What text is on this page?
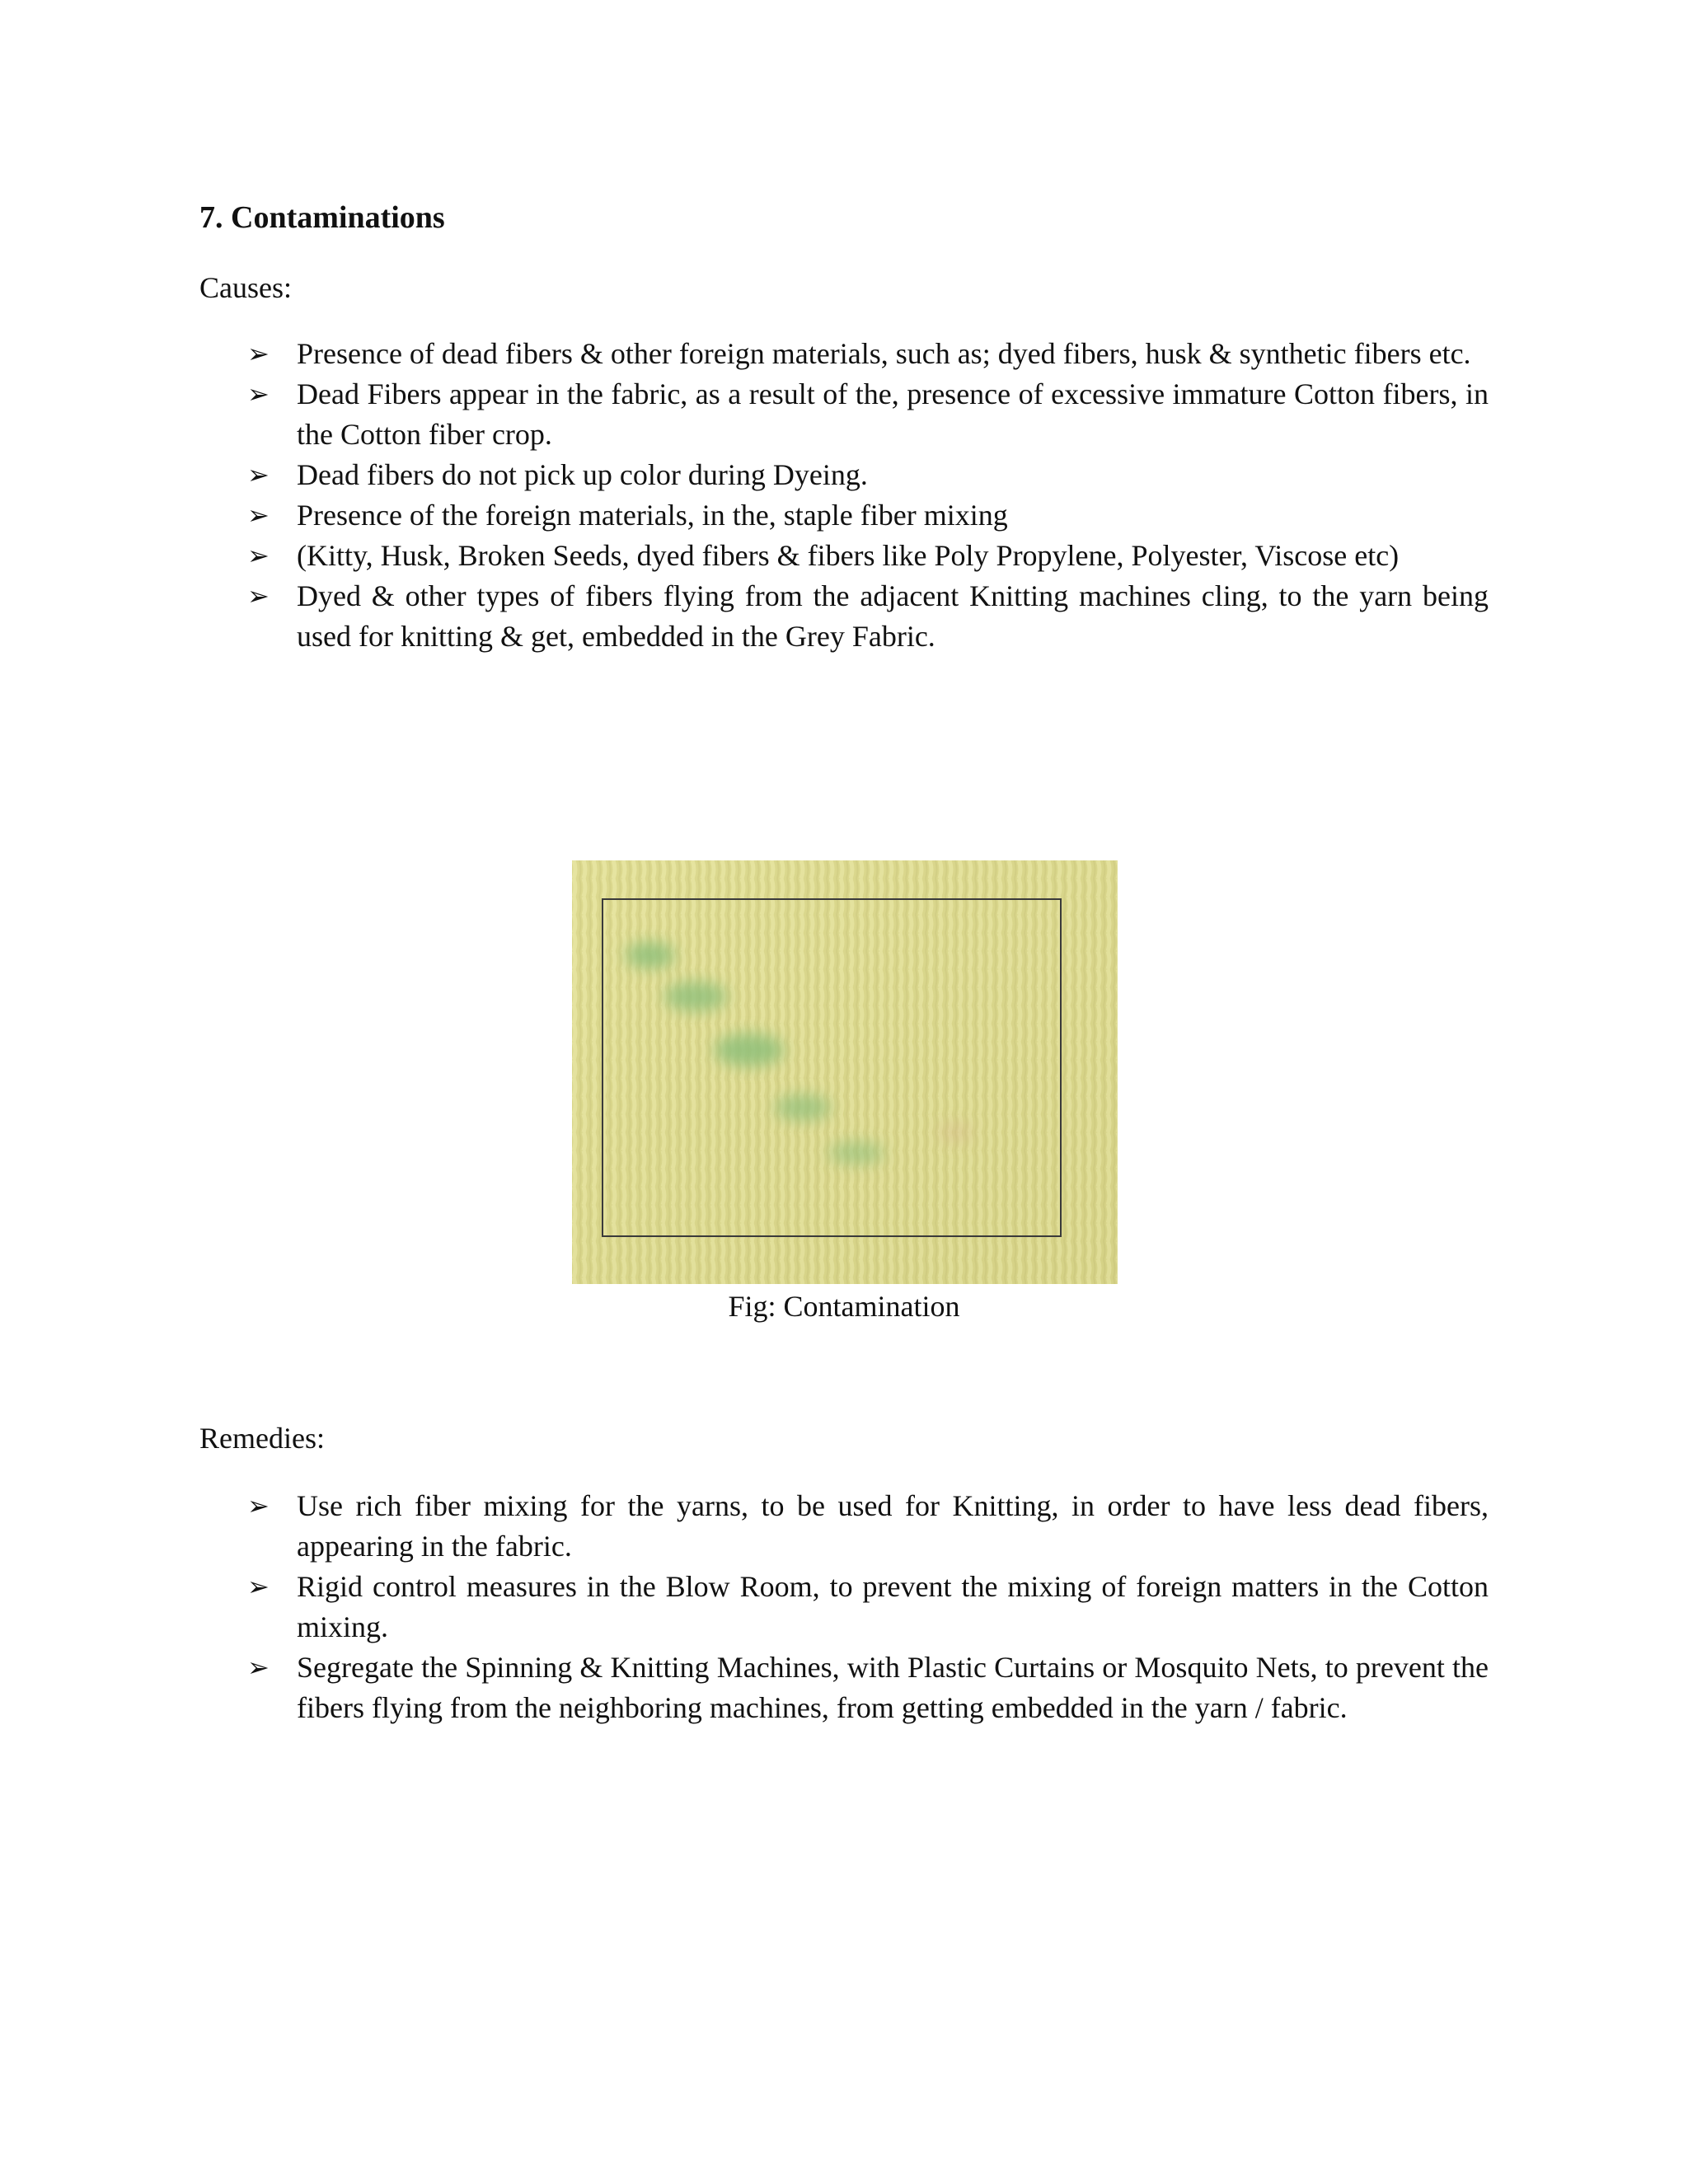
7. Contaminations
Causes:
➢ Presence of dead fibers & other foreign materials, such as; dyed fibers, husk & synthetic fibers etc.
➢ Dead Fibers appear in the fabric, as a result of the, presence of excessive immature Cotton fibers, in the Cotton fiber crop.
➢ Dead fibers do not pick up color during Dyeing.
➢ Presence of the foreign materials, in the, staple fiber mixing
➢ (Kitty, Husk, Broken Seeds, dyed fibers & fibers like Poly Propylene, Polyester, Viscose etc)
➢ Dyed & other types of fibers flying from the adjacent Knitting machines cling, to the yarn being used for knitting & get, embedded in the Grey Fabric.
Fig: Contamination
Remedies:
➢ Use rich fiber mixing for the yarns, to be used for Knitting, in order to have less dead fibers, appearing in the fabric.
➢ Rigid control measures in the Blow Room, to prevent the mixing of foreign matters in the Cotton mixing.
➢ Segregate the Spinning & Knitting Machines, with Plastic Curtains or Mosquito Nets, to prevent the fibers flying from the neighboring machines, from getting embedded in the yarn / fabric.
